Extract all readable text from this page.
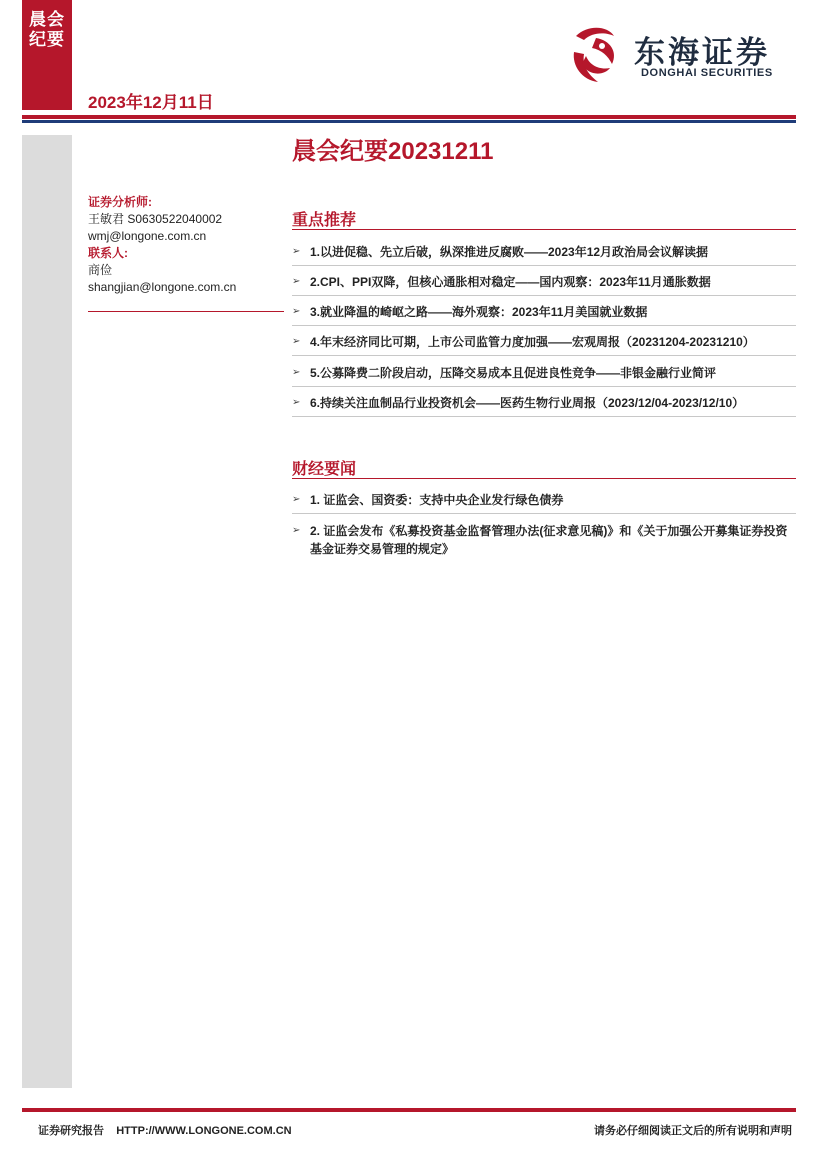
晨会纪要
2023年12月11日
东海证券
DONGHAI SECURITIES
晨会纪要20231211
证券分析师:
王敏君 S0630522040002
wmj@longone.com.cn
联系人:
商俭
shangjian@longone.com.cn
重点推荐
➢ 1.以进促稳、先立后破，纵深推进反腐败——2023年12月政治局会议解读据
➢ 2.CPI、PPI双降，但核心通胀相对稳定——国内观察：2023年11月通胀数据
➢ 3.就业降温的崎岖之路——海外观察：2023年11月美国就业数据
➢ 4.年末经济同比可期，上市公司监管力度加强——宏观周报（20231204-20231210）
➢ 5.公募降费二阶段启动，压降交易成本且促进良性竞争——非银金融行业简评
➢ 6.持续关注血制品行业投资机会——医药生物行业周报（2023/12/04-2023/12/10）
财经要闻
➢ 1. 证监会、国资委：支持中央企业发行绿色债券
➢ 2. 证监会发布《私募投资基金监督管理办法(征求意见稿)》和《关于加强公开募集证券投资基金证券交易管理的规定》
证券研究报告    HTTP://WWW.LONGONE.COM.CN	请务必仔细阅读正文后的所有说明和声明
